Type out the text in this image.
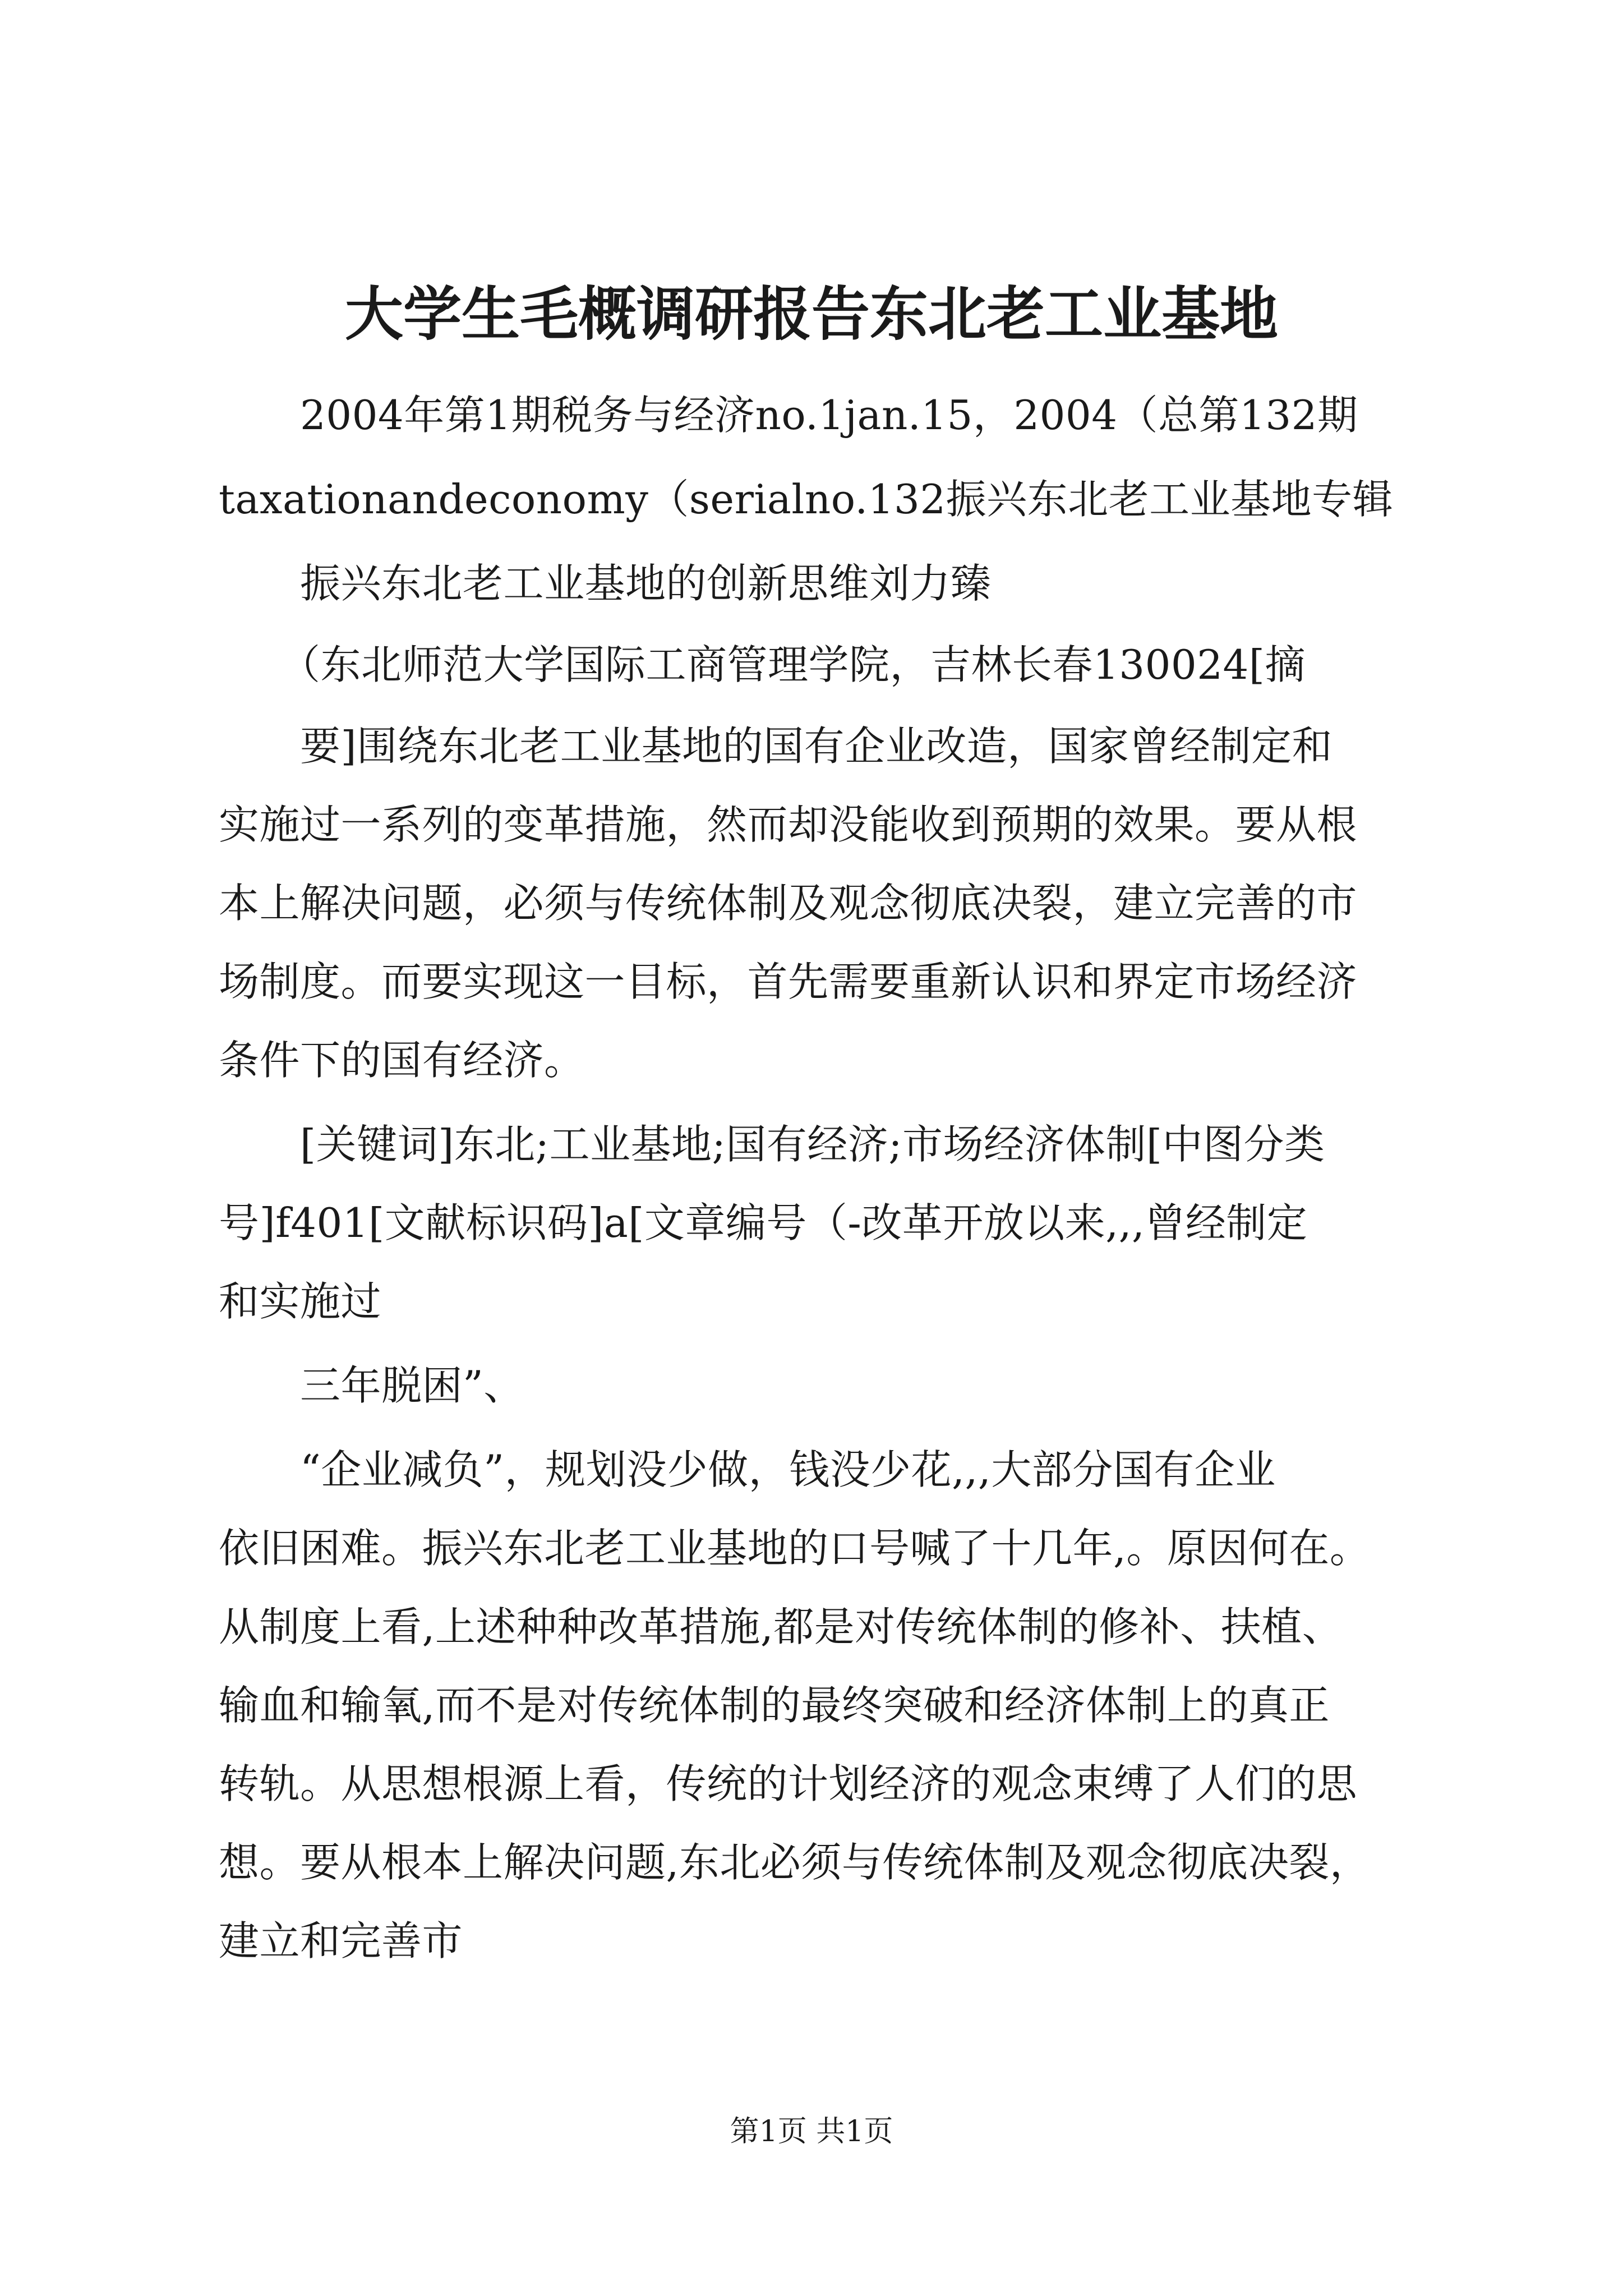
大学生毛概调研报告东北老工业基地
　　2004年第1期税务与经济no.1jan.15，2004（总第132期
taxationandeconomy（serialno.132振兴东北老工业基地专辑
　　振兴东北老工业基地的创新思维刘力臻
　　（东北师范大学国际工商管理学院，吉林长春130024[摘
　　要]围绕东北老工业基地的国有企业改造，国家曾经制定和
实施过一系列的变革措施，然而却没能收到预期的效果。要从根
本上解决问题，必须与传统体制及观念彻底决裂，建立完善的市
场制度。而要实现这一目标，首先需要重新认识和界定市场经济
条件下的国有经济。
　　[关键词]东北;工业基地;国有经济;市场经济体制[中图分类
号]f401[文献标识码]a[文章编号（-改革开放以来,,,曾经制定
和实施过
　　三年脱困”、
　　“企业减负”，规划没少做，钱没少花,,,大部分国有企业
依旧困难。振兴东北老工业基地的口号喊了十几年,。原因何在。
从制度上看,上述种种改革措施,都是对传统体制的修补、扶植、
输血和输氧,而不是对传统体制的最终突破和经济体制上的真正
转轨。从思想根源上看，传统的计划经济的观念束缚了人们的思
想。要从根本上解决问题,东北必须与传统体制及观念彻底决裂，
建立和完善市
第1页 共1页
